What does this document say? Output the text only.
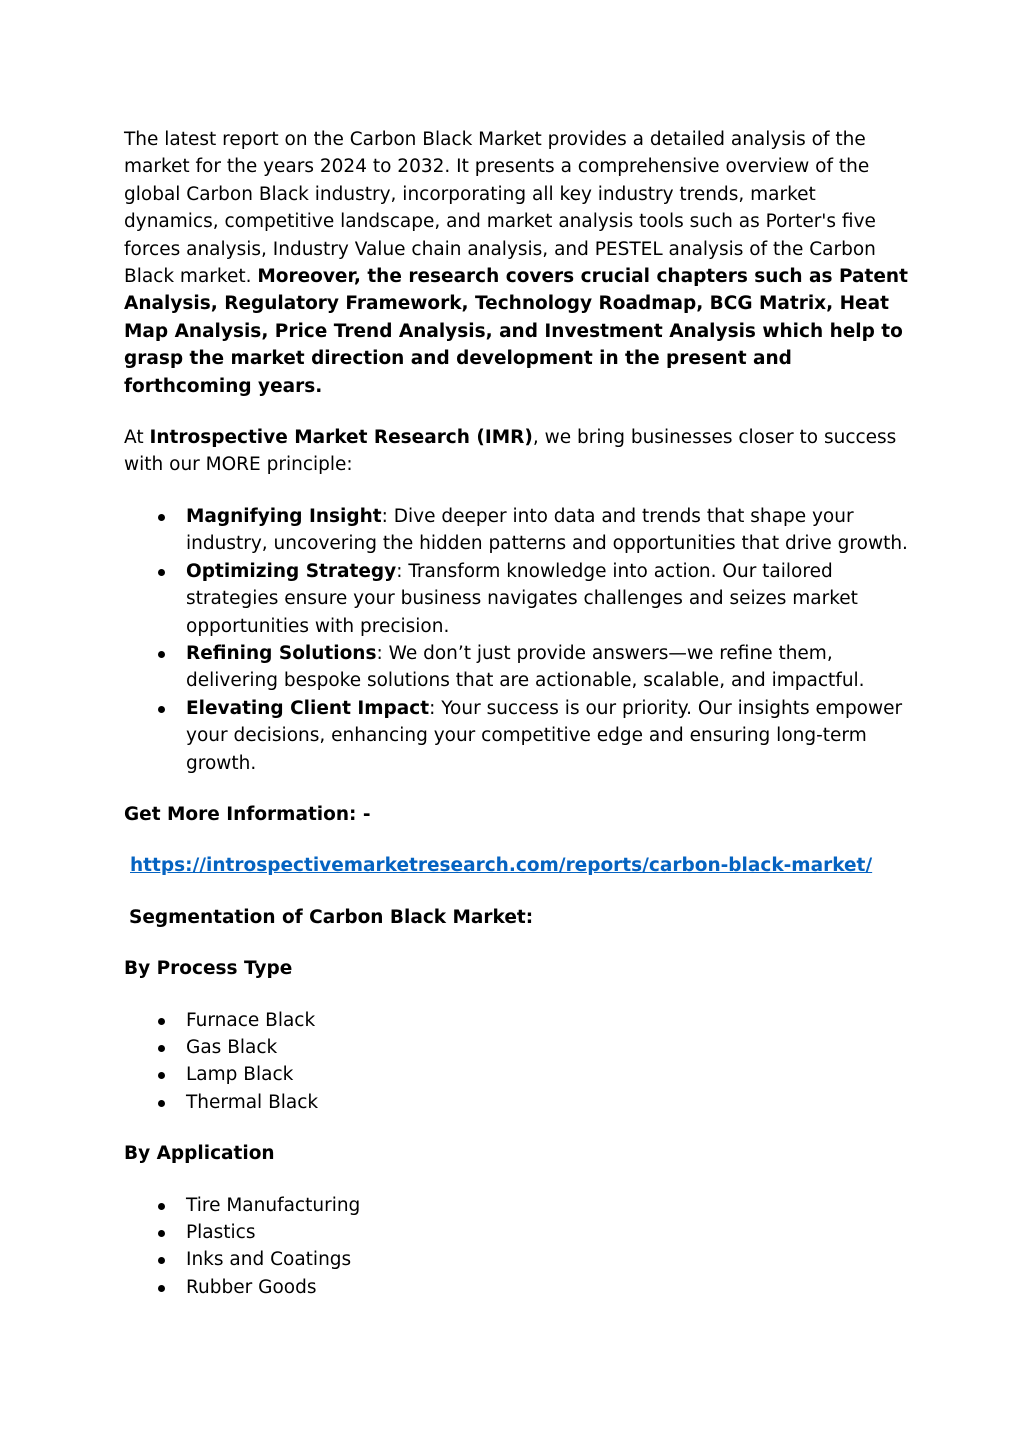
The latest report on the Carbon Black Market provides a detailed analysis of the market for the years 2024 to 2032. It presents a comprehensive overview of the global Carbon Black industry, incorporating all key industry trends, market dynamics, competitive landscape, and market analysis tools such as Porter's five forces analysis, Industry Value chain analysis, and PESTEL analysis of the Carbon Black market. Moreover, the research covers crucial chapters such as Patent Analysis, Regulatory Framework, Technology Roadmap, BCG Matrix, Heat Map Analysis, Price Trend Analysis, and Investment Analysis which help to grasp the market direction and development in the present and forthcoming years.

At Introspective Market Research (IMR), we bring businesses closer to success with our MORE principle:

Magnifying Insight: Dive deeper into data and trends that shape your industry, uncovering the hidden patterns and opportunities that drive growth.
Optimizing Strategy: Transform knowledge into action. Our tailored strategies ensure your business navigates challenges and seizes market opportunities with precision.
Refining Solutions: We don’t just provide answers—we refine them, delivering bespoke solutions that are actionable, scalable, and impactful.
Elevating Client Impact: Your success is our priority. Our insights empower your decisions, enhancing your competitive edge and ensuring long-term growth.

Get More Information: -

https://introspectivemarketresearch.com/reports/carbon-black-market/

Segmentation of Carbon Black Market:

By Process Type

Furnace Black
Gas Black
Lamp Black
Thermal Black

By Application

Tire Manufacturing
Plastics
Inks and Coatings
Rubber Goods
